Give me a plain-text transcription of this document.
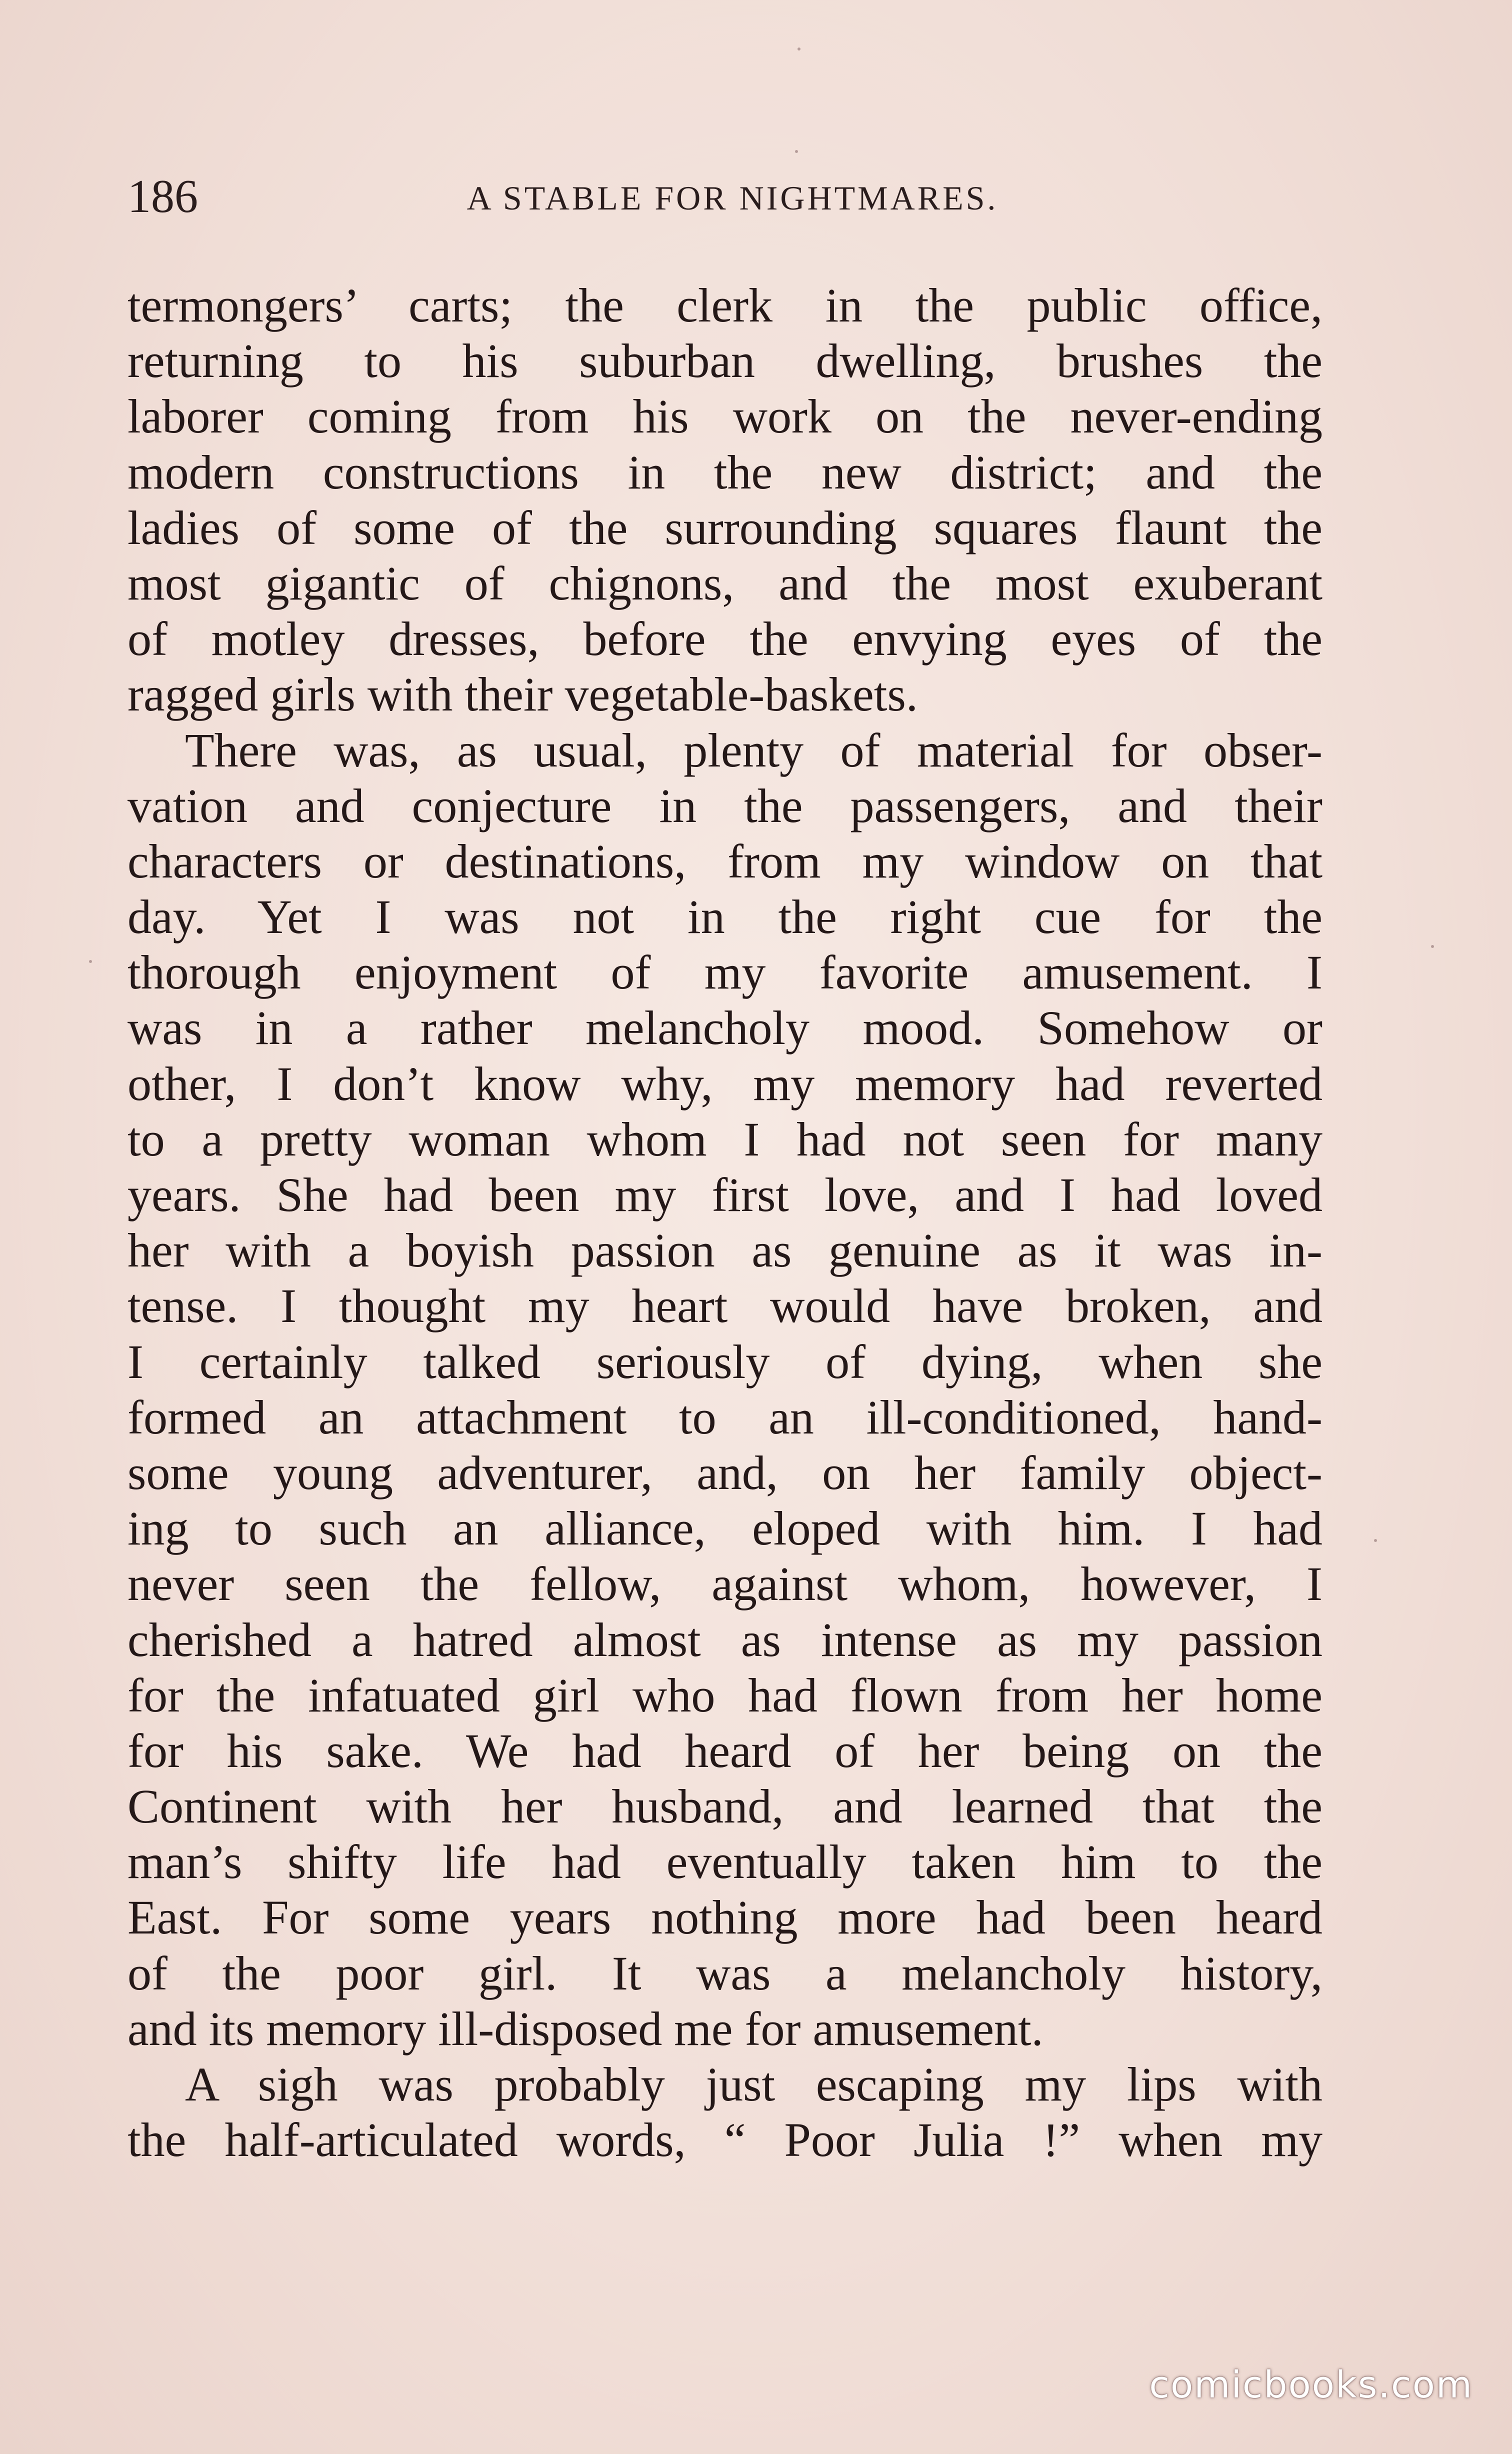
186	A STABLE FOR NIGHTMARES.
termongers’ carts; the clerk in the public office,
returning to his suburban dwelling, brushes the
laborer coming from his work on the never-ending
modern constructions in the new district; and the
ladies of some of the surrounding squares flaunt the
most gigantic of chignons, and the most exuberant
of motley dresses, before the envying eyes of the
ragged girls with their vegetable-baskets.
There was, as usual, plenty of material for obser-
vation and conjecture in the passengers, and their
characters or destinations, from my window on that
day. Yet I was not in the right cue for the
thorough enjoyment of my favorite amusement. I
was in a rather melancholy mood. Somehow or
other, I don’t know why, my memory had reverted
to a pretty woman whom I had not seen for many
years. She had been my first love, and I had loved
her with a boyish passion as genuine as it was in-
tense. I thought my heart would have broken, and
I certainly talked seriously of dying, when she
formed an attachment to an ill-conditioned, hand-
some young adventurer, and, on her family object-
ing to such an alliance, eloped with him. I had
never seen the fellow, against whom, however, I
cherished a hatred almost as intense as my passion
for the infatuated girl who had flown from her home
for his sake. We had heard of her being on the
Continent with her husband, and learned that the
man’s shifty life had eventually taken him to the
East. For some years nothing more had been heard
of the poor girl. It was a melancholy history,
and its memory ill-disposed me for amusement.
A sigh was probably just escaping my lips with
the half-articulated words, “ Poor Julia !” when my
comicbooks.com
